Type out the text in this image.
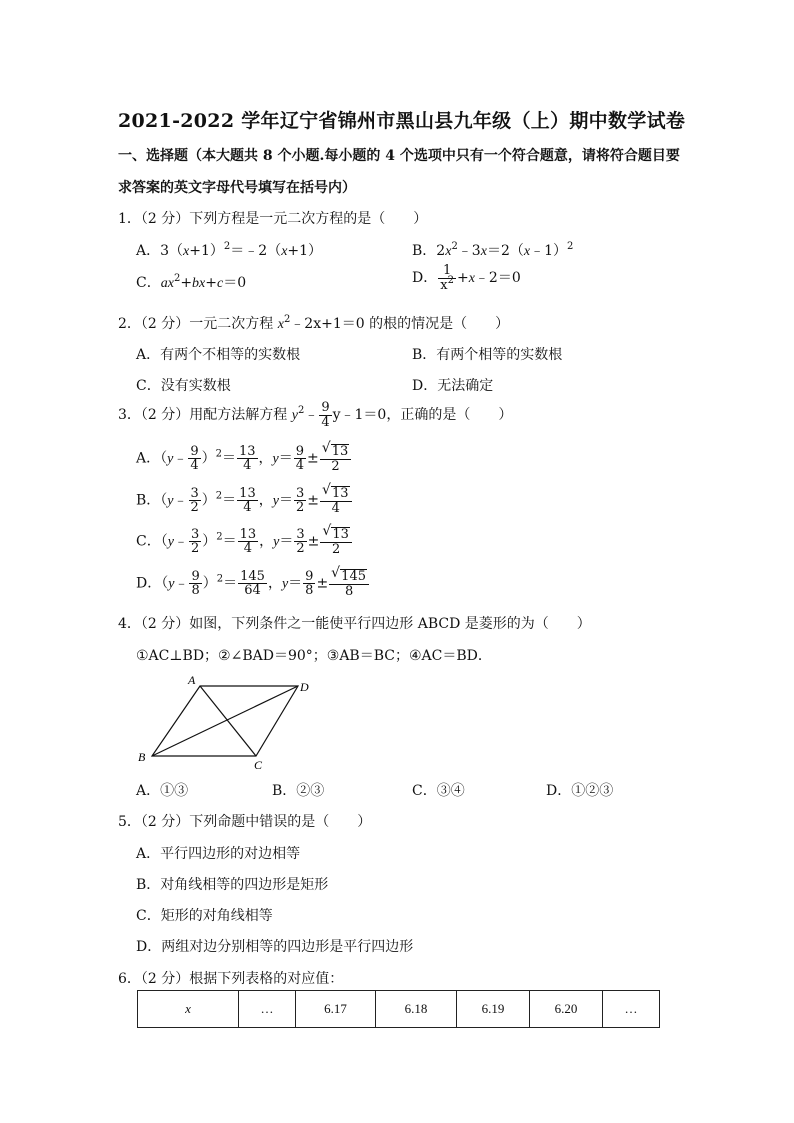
2021-2022 学年辽宁省锦州市黑山县九年级（上）期中数学试卷
一、选择题（本大题共 8 个小题.每小题的 4 个选项中只有一个符合题意，请将符合题目要
求答案的英文字母代号填写在括号内）
1．（2 分）下列方程是一元二次方程的是（　　）
A．$3(x+1)^2=﹣2(x+1)$	B．$2x^2﹣3x=2(x﹣1)^2$
C．$ax^2+bx+c=0$	D． $\frac{1}{x^2}$ +x﹣2＝0
2．（2 分）一元二次方程 $x^2﹣2x+1=0$ 的根的情况是（　　）
A．有两个不相等的实数根	B．有两个相等的实数根
C．没有实数根	D．无法确定
3．（2 分）用配方法解方程 $y^2﹣ \frac{9}{4}$ y﹣1＝0，正确的是（　　）
A．（y﹣ $\frac{9}{4} )^2= \frac{13}{4}$ ，$y= \frac{9}{4}$ ± √ $\frac{13}{2}$
B．（y﹣ $\frac{3}{2} )^2= \frac{13}{4}$ ，$y= \frac{3}{2}$ ± √ $\frac{13}{4}$
C．（y﹣ $\frac{3}{2} )^2= \frac{13}{4}$ ，$y= \frac{3}{2}$ ± √ $\frac{13}{2}$
D．（y﹣ $\frac{9}{8} )^2= \frac{145}{64}$ ，$y= \frac{9}{8}$ ± √ $\frac{145}{8}$
4．（2 分）如图，下列条件之一能使平行四边形 ABCD 是菱形的为（　　）
①AC⊥BD；②∠BAD＝90°；③AB＝BC；④AC＝BD．
A	D
B
C
A．①③	B．②③	C．③④	D．①②③
5．（2 分）下列命题中错误的是（　　）
A．平行四边形的对边相等
B．对角线相等的四边形是矩形
C．矩形的对角线相等
D．两组对边分别相等的四边形是平行四边形
6．（2 分）根据下列表格的对应值：
x	…	6.17	6.18	6.19	6.20	…
